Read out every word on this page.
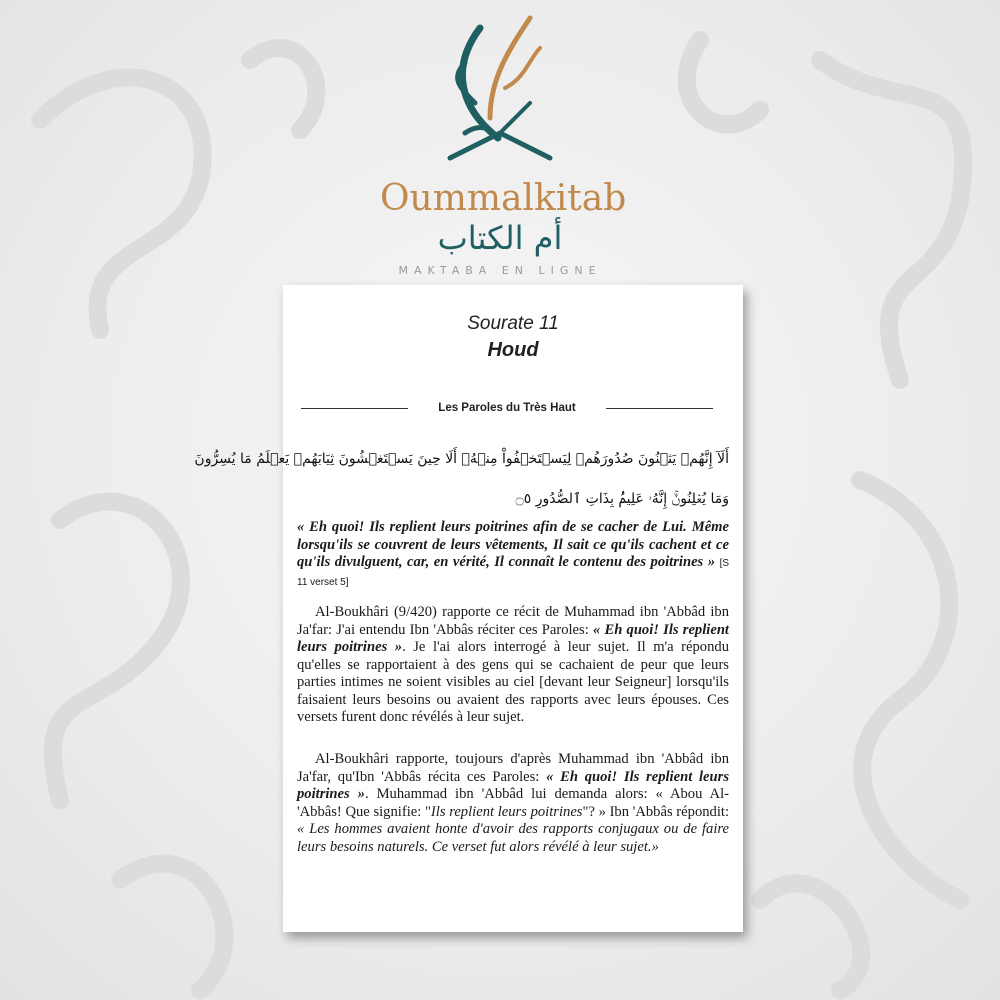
Oummalkitab
أم الكتاب
MAKTABA EN LIGNE
Sourate 11
Houd
Les Paroles du Très Haut
أَلَآ إِنَّهُمۡ يَثۡنُونَ صُدُورَهُمۡ لِيَسۡتَخۡفُواْ مِنۡهُۚ أَلَا حِينَ يَسۡتَغۡشُونَ ثِيَابَهُمۡ يَعۡلَمُ مَا يُسِرُّونَ
وَمَا يُعۡلِنُونَۚ إِنَّهُۥ عَلِيمُۢ بِذَاتِ ٱلصُّدُورِ ۝٥
« Eh quoi! Ils replient leurs poitrines afin de se cacher de Lui. Même lorsqu'ils se couvrent de leurs vêtements, Il sait ce qu'ils cachent et ce qu'ils divulguent, car, en vérité, Il connaît le contenu des poitrines » [S 11 verset 5]
Al-Boukhâri (9/420) rapporte ce récit de Muhammad ibn 'Abbâd ibn Ja'far: J'ai entendu Ibn 'Abbâs réciter ces Paroles: « Eh quoi! Ils replient leurs poitrines ». Je l'ai alors interrogé à leur sujet. Il m'a répondu qu'elles se rapportaient à des gens qui se cachaient de peur que leurs parties intimes ne soient visibles au ciel [devant leur Seigneur] lorsqu'ils faisaient leurs besoins ou avaient des rapports avec leurs épouses. Ces versets furent donc révélés à leur sujet.
Al-Boukhâri rapporte, toujours d'après Muhammad ibn 'Abbâd ibn Ja'far, qu'Ibn 'Abbâs récita ces Paroles: « Eh quoi! Ils replient leurs poitrines ». Muhammad ibn 'Abbâd lui demanda alors: « Abou Al-'Abbâs! Que signifie: "Ils replient leurs poitrines"? » Ibn 'Abbâs répondit: « Les hommes avaient honte d'avoir des rapports conjugaux ou de faire leurs besoins naturels. Ce verset fut alors révélé à leur sujet.»
